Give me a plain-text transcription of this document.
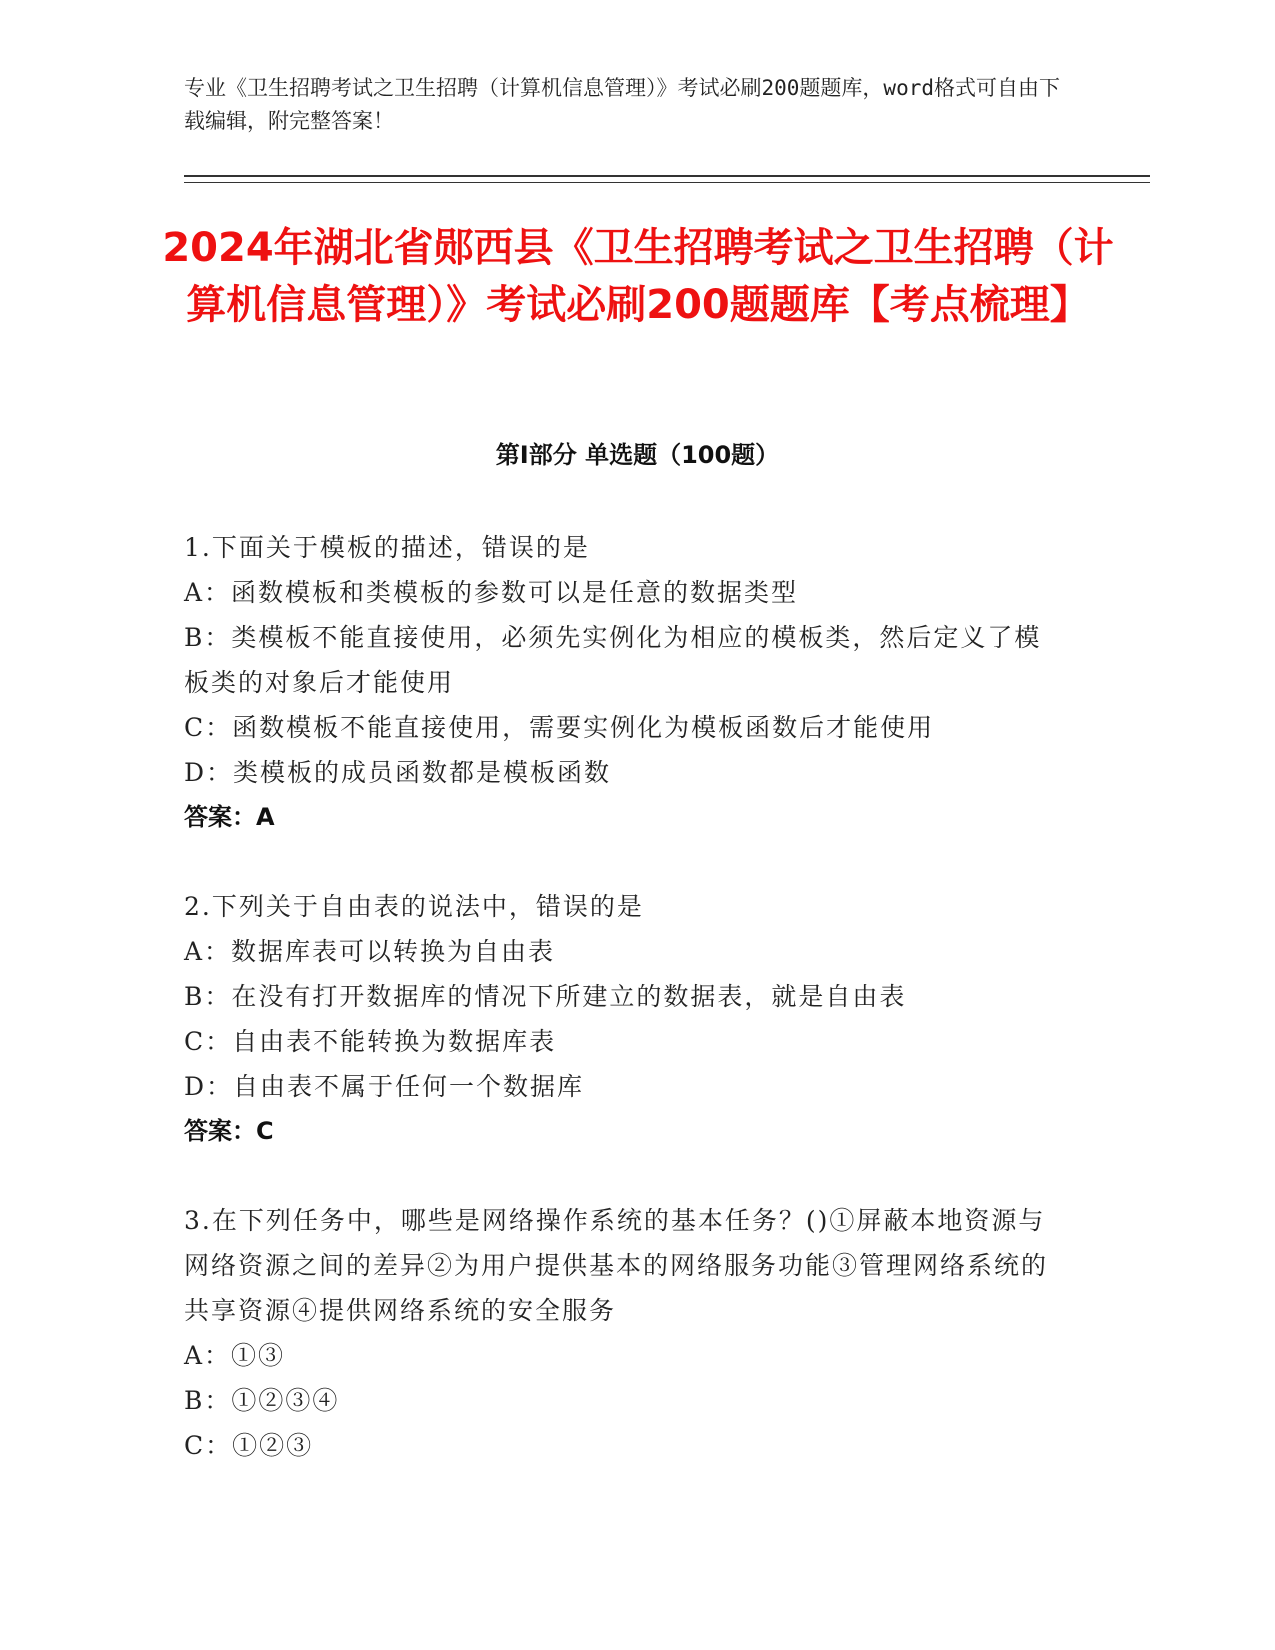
专业《卫生招聘考试之卫生招聘（计算机信息管理）》考试必刷200题题库，word格式可自由下载编辑，附完整答案！
2024年湖北省郧西县《卫生招聘考试之卫生招聘（计算机信息管理）》考试必刷200题题库【考点梳理】
第Ⅰ部分 单选题（100题）
1.下面关于模板的描述，错误的是
A：函数模板和类模板的参数可以是任意的数据类型
B：类模板不能直接使用，必须先实例化为相应的模板类，然后定义了模板类的对象后才能使用
C：函数模板不能直接使用，需要实例化为模板函数后才能使用
D：类模板的成员函数都是模板函数
答案：A
2.下列关于自由表的说法中，错误的是
A：数据库表可以转换为自由表
B：在没有打开数据库的情况下所建立的数据表，就是自由表
C：自由表不能转换为数据库表
D：自由表不属于任何一个数据库
答案：C
3.在下列任务中，哪些是网络操作系统的基本任务？()①屏蔽本地资源与网络资源之间的差异②为用户提供基本的网络服务功能③管理网络系统的共享资源④提供网络系统的安全服务
A：①③
B：①②③④
C：①②③
